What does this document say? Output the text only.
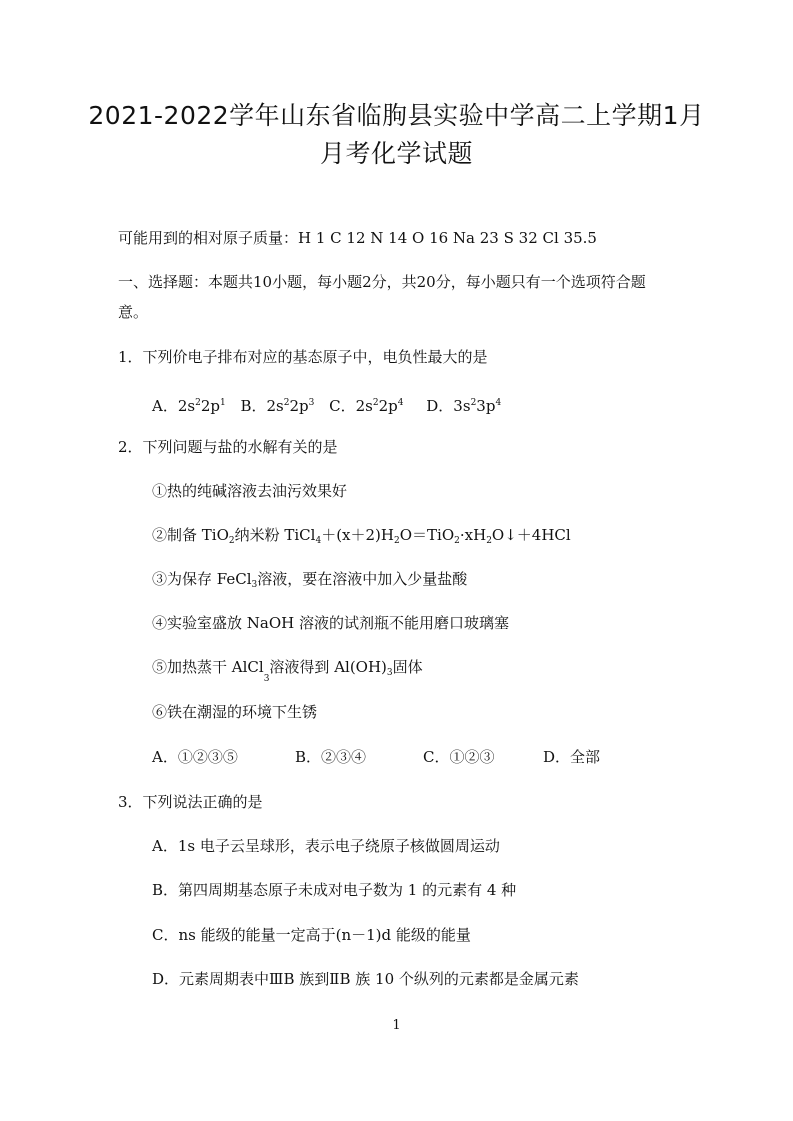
2021-2022学年山东省临朐县实验中学高二上学期1月
月考化学试题
可能用到的相对原子质量：H 1 C 12 N 14 O 16 Na 23 S 32 Cl 35.5
一、选择题：本题共10小题，每小题2分，共20分，每小题只有一个选项符合题
意。
1．下列价电子排布对应的基态原子中，电负性最大的是
A．$2s^22p^1$ B．$2s^22p^3$ C．$2s^22p^4$ D．$3s^23p^4$
2．下列问题与盐的水解有关的是
①热的纯碱溶液去油污效果好
②制备 TiO$_2$纳米粉 $TiCl_4+(x+2)H_2O=TiO_2\cdot xH_2O↓+4HCl$
③为保存 FeCl$_3$溶液，要在溶液中加入少量盐酸
④实验室盛放 NaOH 溶液的试剂瓶不能用磨口玻璃塞
⑤加热蒸干 AlCl$_3$溶液得到 $Al(OH)_3$固体
⑥铁在潮湿的环境下生锈
A．①②③⑤	B．②③④	C．①②③	D．全部
3．下列说法正确的是
A．1s 电子云呈球形，表示电子绕原子核做圆周运动
B．第四周期基态原子未成对电子数为 1 的元素有 4 种
C．ns 能级的能量一定高于(n－1)d 能级的能量
D．元素周期表中ⅢB 族到ⅡB 族 10 个纵列的元素都是金属元素
1
